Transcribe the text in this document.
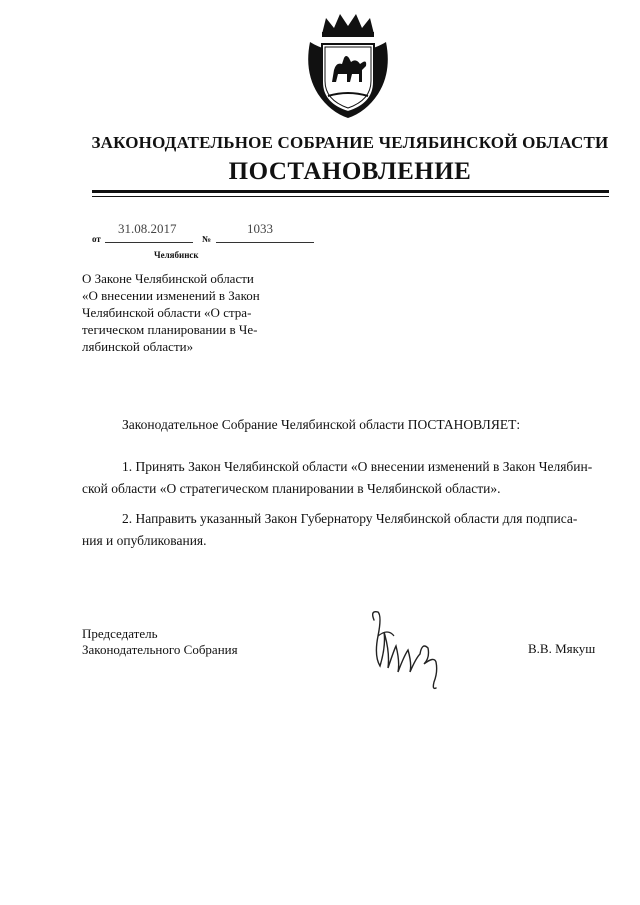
ЗАКОНОДАТЕЛЬНОЕ СОБРАНИЕ ЧЕЛЯБИНСКОЙ ОБЛАСТИ
ПОСТАНОВЛЕНИЕ
от
31.08.2017
№
1033
Челябинск
О Законе Челябинской области
«О внесении изменений в Закон
Челябинской области «О стра-
тегическом планировании в Че-
лябинской области»
Законодательное Собрание Челябинской области ПОСТАНОВЛЯЕТ:
1. Принять Закон Челябинской области «О внесении изменений в Закон Челябин-
ской области «О стратегическом планировании в Челябинской области».
2. Направить указанный Закон Губернатору Челябинской области для подписа-
ния и опубликования.
Председатель
Законодательного Собрания	В.В. Мякуш
